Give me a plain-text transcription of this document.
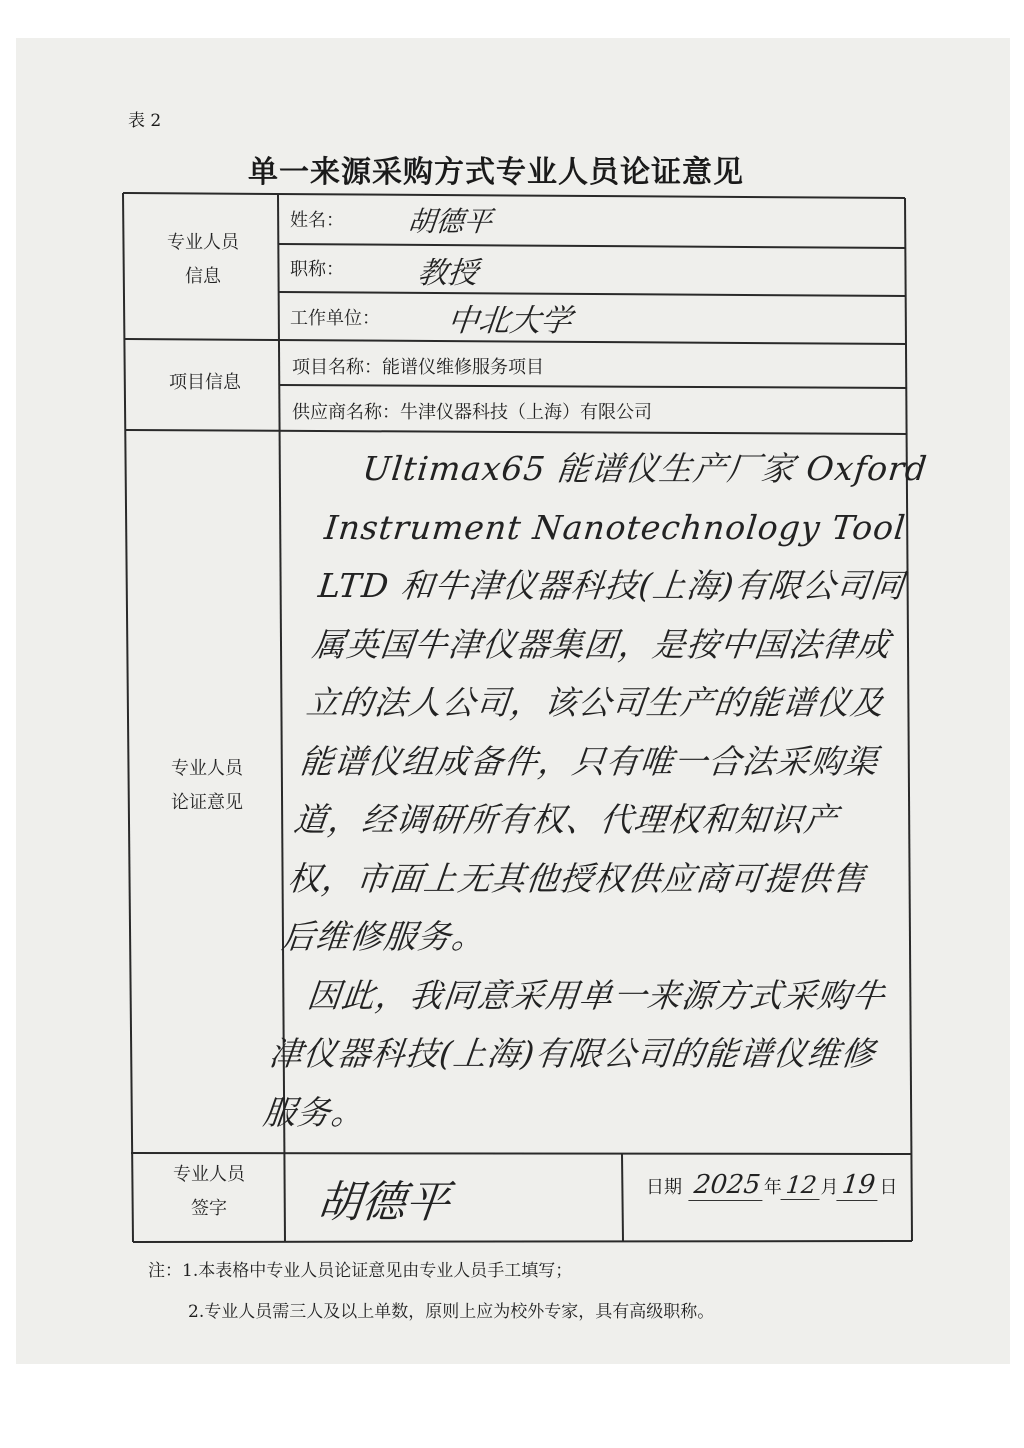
表 2
单一来源采购方式专业人员论证意见
专业人员
信息
项目信息
专业人员
论证意见
专业人员
签字
姓名： 胡德平
职称： 教授
工作单位： 中北大学
项目名称：能谱仪维修服务项目
供应商名称：牛津仪器科技（上海）有限公司

Ultimax65 能谱仪生产厂家 Oxford Instrument Nanotechnology Tool LTD 和牛津仪器科技(上海)有限公司同属英国牛津仪器集团，是按中国法律成立的法人公司，该公司生产的能谱仪及能谱仪组成备件，只有唯一合法采购渠道，经调研所有权、代理权和知识产权，市面上无其他授权供应商可提供售后维修服务。

因此，我同意采用单一来源方式采购牛津仪器科技(上海)有限公司的能谱仪维修服务。

胡德平	日期 2025 年 12 月19 日
注：1.本表格中专业人员论证意见由专业人员手工填写；
2.专业人员需三人及以上单数，原则上应为校外专家，具有高级职称。
